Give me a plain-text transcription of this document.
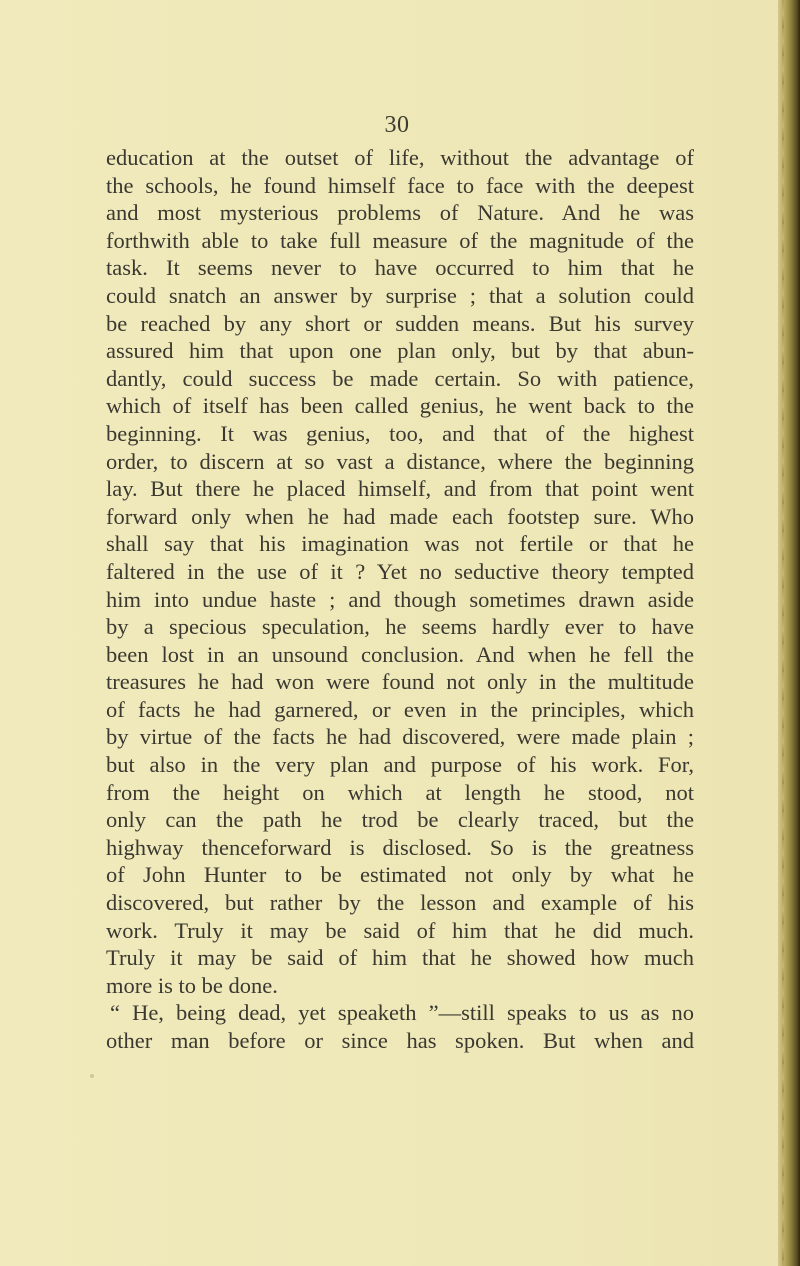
30
education at the outset of life, without the advantage of
the schools, he found himself face to face with the deepest
and most mysterious problems of Nature. And he was
forthwith able to take full measure of the magnitude of the
task. It seems never to have occurred to him that he
could snatch an answer by surprise ; that a solution could
be reached by any short or sudden means. But his survey
assured him that upon one plan only, but by that abun-
dantly, could success be made certain. So with patience,
which of itself has been called genius, he went back to the
beginning. It was genius, too, and that of the highest
order, to discern at so vast a distance, where the beginning
lay. But there he placed himself, and from that point went
forward only when he had made each footstep sure. Who
shall say that his imagination was not fertile or that he
faltered in the use of it ? Yet no seductive theory tempted
him into undue haste ; and though sometimes drawn aside
by a specious speculation, he seems hardly ever to have
been lost in an unsound conclusion. And when he fell the
treasures he had won were found not only in the multitude
of facts he had garnered, or even in the principles, which
by virtue of the facts he had discovered, were made plain ;
but also in the very plan and purpose of his work. For,
from the height on which at length he stood, not
only can the path he trod be clearly traced, but the
highway thenceforward is disclosed. So is the greatness
of John Hunter to be estimated not only by what he
discovered, but rather by the lesson and example of his
work. Truly it may be said of him that he did much.
Truly it may be said of him that he showed how much
more is to be done.
“ He, being dead, yet speaketh ”—still speaks to us as no
other man before or since has spoken. But when and
